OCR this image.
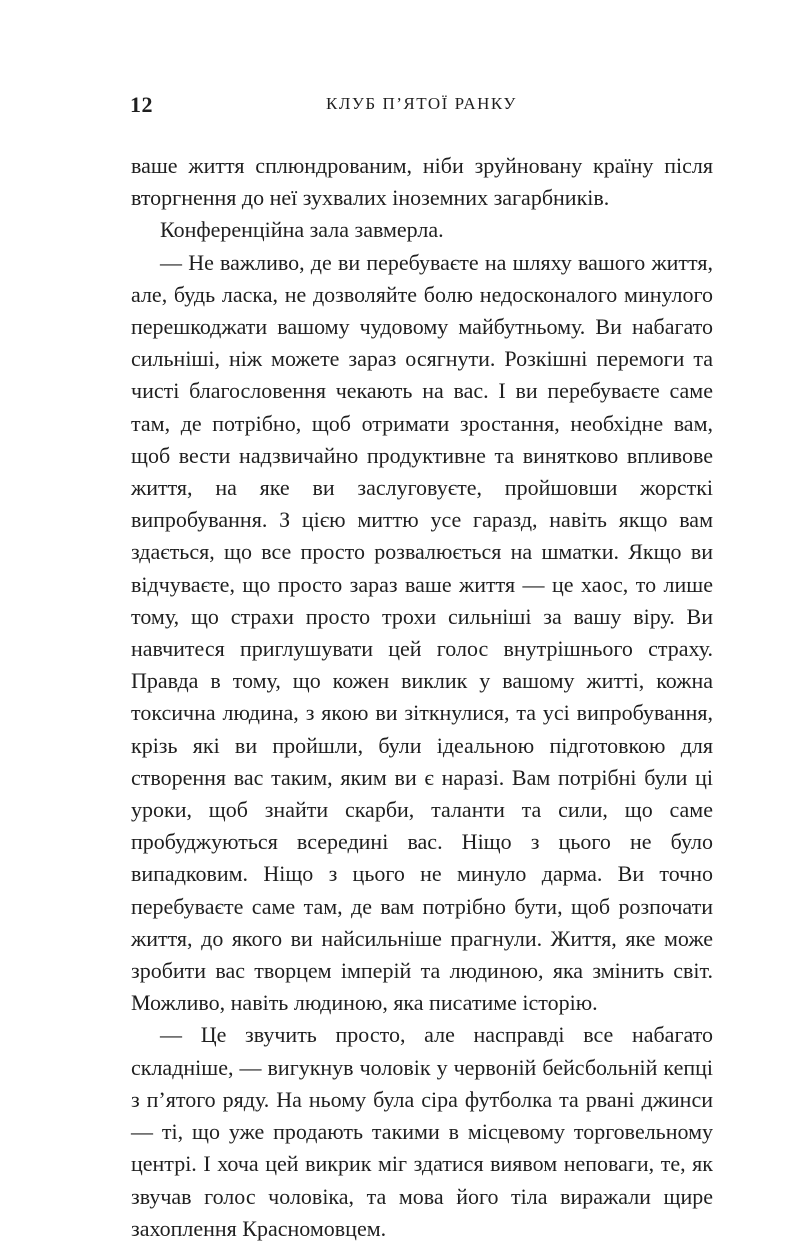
12	КЛУБ П’ЯТОЇ РАНКУ

ваше життя сплюндрованим, ніби зруйновану країну після вторгнення до неї зухвалих іноземних загарбників.

Конференційна зала завмерла.

— Не важливо, де ви перебуваєте на шляху вашого життя, але, будь ласка, не дозволяйте болю недосконалого минулого перешкоджати вашому чудовому майбутньому. Ви набагато сильніші, ніж можете зараз осягнути. Розкішні перемоги та чисті благословення чекають на вас. І ви перебуваєте саме там, де потрібно, щоб отримати зростання, необхідне вам, щоб вести надзвичайно продуктивне та винятково впливове життя, на яке ви заслуговуєте, пройшовши жорсткі випробування. З цією миттю усе гаразд, навіть якщо вам здається, що все просто розвалюється на шматки. Якщо ви відчуваєте, що просто зараз ваше життя — це хаос, то лише тому, що страхи просто трохи сильніші за вашу віру. Ви навчитеся приглушувати цей голос внутрішнього страху. Правда в тому, що кожен виклик у вашому житті, кожна токсична людина, з якою ви зіткнулися, та усі випробування, крізь які ви пройшли, були ідеальною підготовкою для створення вас таким, яким ви є наразі. Вам потрібні були ці уроки, щоб знайти скарби, таланти та сили, що саме пробуджуються всередині вас. Ніщо з цього не було випадковим. Ніщо з цього не минуло дарма. Ви точно перебуваєте саме там, де вам потрібно бути, щоб розпочати життя, до якого ви найсильніше прагнули. Життя, яке може зробити вас творцем імперій та людиною, яка змінить світ. Можливо, навіть людиною, яка писатиме історію.

— Це звучить просто, але насправді все набагато складніше, — вигукнув чоловік у червоній бейсбольній кепці з п’ятого ряду. На ньому була сіра футболка та рвані джинси — ті, що уже продають такими в місцевому торговельному центрі. І хоча цей викрик міг здатися виявом неповаги, те, як звучав голос чоловіка, та мова його тіла виражали щире захоплення Красномовцем.
